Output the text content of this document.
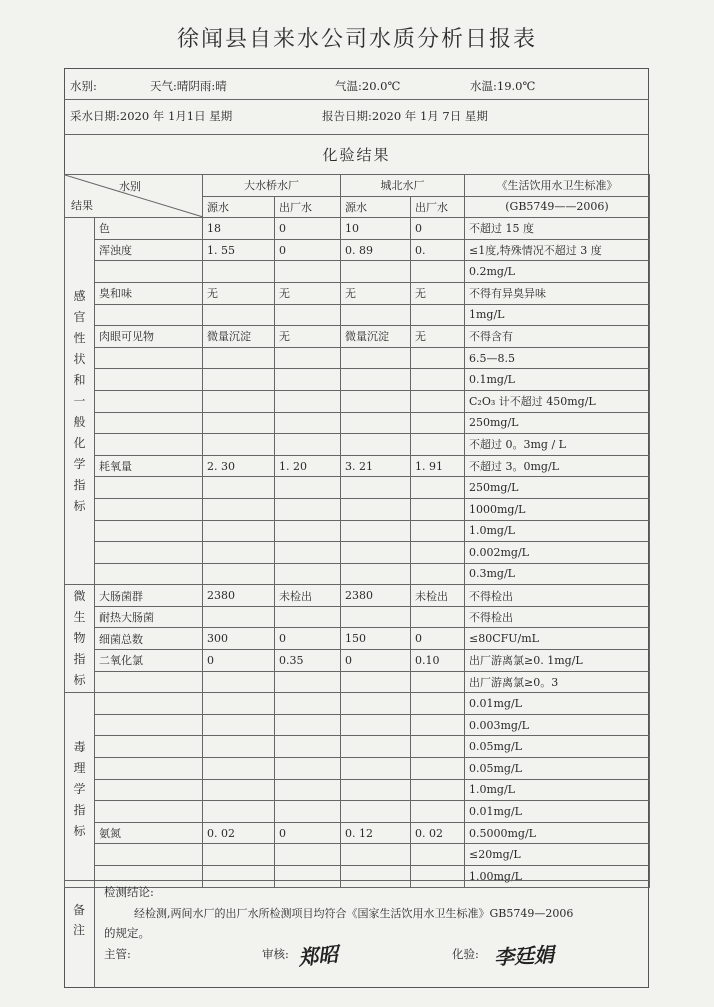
徐闻县自来水公司水质分析日报表
水别:	天气:晴阴雨:晴	气温:20.0℃	水温:19.0℃
采水日期:2020 年 1月1日 星期	报告日期:2020 年 1月 7日 星期
化验结果
水别
结果		大水桥水厂		城北水厂		《生活饮用水卫生标准》
		源水	出厂水	源水	出厂水	(GB5749——2006)

感官性状和一般化学指标	色	18	0	10	0	不超过 15 度
	浑浊度	1. 55	0	0. 89	0.	≤1度,特殊情况不超过 3 度
						0.2mg/L
	臭和味	无	无	无	无	不得有异臭异味
						1mg/L
	肉眼可见物	微量沉淀	无	微量沉淀	无	不得含有
						6.5—8.5
						0.1mg/L
						C₂O₃ 计不超过 450mg/L
						250mg/L
						不超过 0。3mg / L
	耗氧量	2. 30	1. 20	3. 21	1. 91	不超过 3。0mg/L
						250mg/L
						1000mg/L
						1.0mg/L
						0.002mg/L
						0.3mg/L

微生物指标	大肠菌群	2380	未检出	2380	未检出	不得检出
	耐热大肠菌					不得检出
	细菌总数	300	0	150	0	≤80CFU/mL
	二氧化氯	0	0.35	0	0.10	出厂游离氯≥0. 1mg/L
						出厂游离氯≥0。3

毒理学指标						0.01mg/L
						0.003mg/L
						0.05mg/L
						0.05mg/L
						1.0mg/L
						0.01mg/L
	氨氮	0. 02	0	0. 12	0. 02	0.5000mg/L
						≤20mg/L
						1.00mg/L
备注
检测结论:
经检测,两间水厂的出厂水所检测项目均符合《国家生活饮用水卫生标准》GB5749—2006
的规定。
主管:	审核: 郑昭	化验: 李廷娟
